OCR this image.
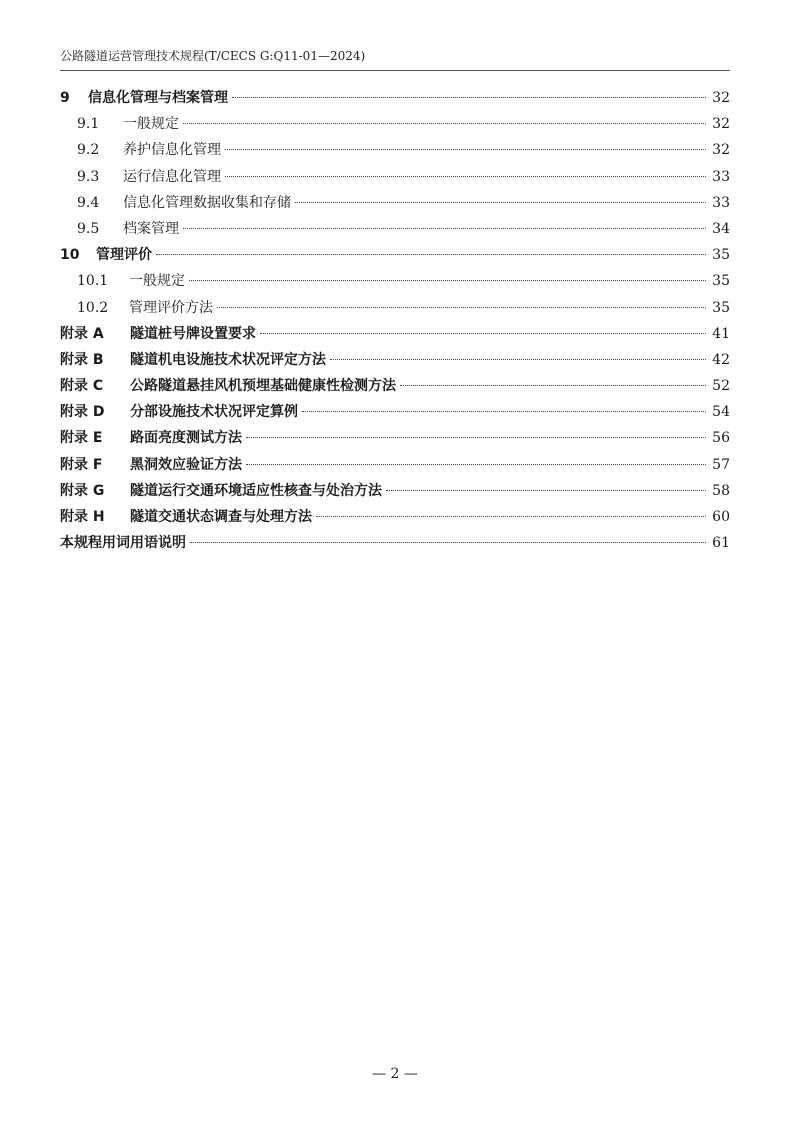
公路隧道运营管理技术规程(T/CECS G:Q11-01—2024)
9	信息化管理与档案管理	32
9.1	一般规定	32
9.2	养护信息化管理	32
9.3	运行信息化管理	33
9.4	信息化管理数据收集和存储	33
9.5	档案管理	34
10	管理评价	35
10.1	一般规定	35
10.2	管理评价方法	35
附录 A	隧道桩号牌设置要求	41
附录 B	隧道机电设施技术状况评定方法	42
附录 C	公路隧道悬挂风机预埋基础健康性检测方法	52
附录 D	分部设施技术状况评定算例	54
附录 E	路面亮度测试方法	56
附录 F	黑洞效应验证方法	57
附录 G	隧道运行交通环境适应性核查与处治方法	58
附录 H	隧道交通状态调查与处理方法	60
本规程用词用语说明	61
— 2 —
